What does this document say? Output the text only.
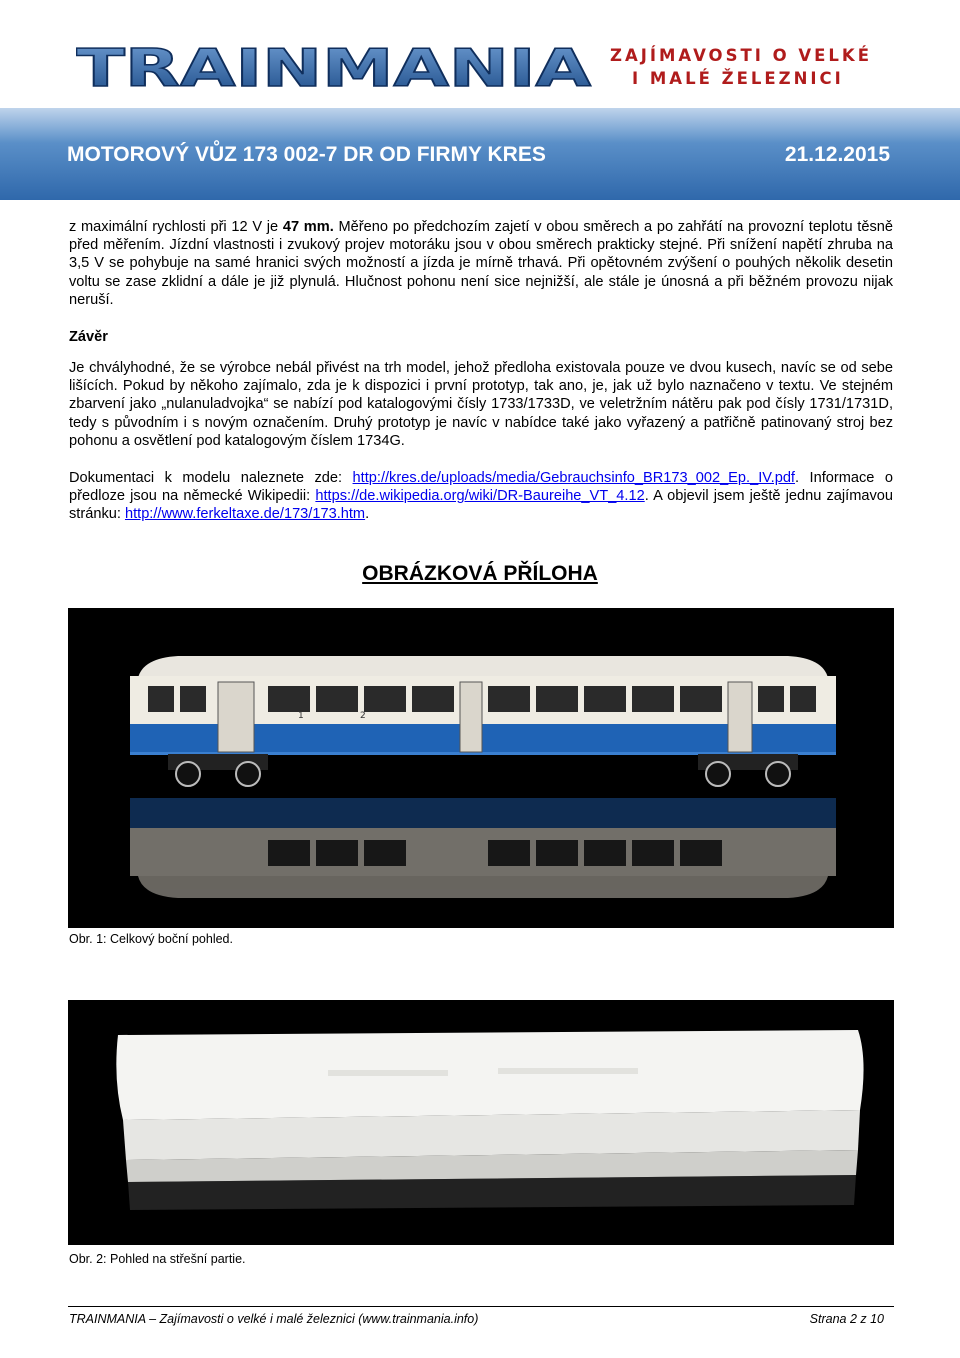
TRAINMANIA ZAJÍMAVOSTI O VELKÉ
I MALÉ ŽELEZNICI
MOTOROVÝ VŮZ 173 002-7 DR OD FIRMY KRES	21.12.2015
z maximální rychlosti při 12 V je 47 mm. Měřeno po předchozím zajetí v obou směrech a po zahřátí na provozní teplotu těsně před měřením. Jízdní vlastnosti i zvukový projev motoráku jsou v obou směrech prakticky stejné. Při snížení napětí zhruba na 3,5 V se pohybuje na samé hranici svých možností a jízda je mírně trhavá. Při opětovném zvýšení o pouhých několik desetin voltu se zase zklidní a dále je již plynulá. Hlučnost pohonu není sice nejnižší, ale stále je únosná a při běžném provozu nijak neruší.
Závěr
Je chvályhodné, že se výrobce nebál přivést na trh model, jehož předloha existovala pouze ve dvou kusech, navíc se od sebe lišících. Pokud by někoho zajímalo, zda je k dispozici i první prototyp, tak ano, je, jak už bylo naznačeno v textu. Ve stejném zbarvení jako „nulanuladvojka“ se nabízí pod katalogovými čísly 1733/1733D, ve veletržním nátěru pak pod čísly 1731/1731D, tedy s původním i s novým označením. Druhý prototyp je navíc v nabídce také jako vyřazený a patřičně patinovaný stroj bez pohonu a osvětlení pod katalogovým číslem 1734G.
Dokumentaci k modelu naleznete zde: http://kres.de/uploads/media/Gebrauchsinfo_BR173_002_Ep._IV.pdf. Informace o předloze jsou na německé Wikipedii: https://de.wikipedia.org/wiki/DR-Baureihe_VT_4.12. A objevil jsem ještě jednu zajímavou stránku: http://www.ferkeltaxe.de/173/173.htm.
OBRÁZKOVÁ PŘÍLOHA
1	2
Obr. 1: Celkový boční pohled.
Obr. 2: Pohled na střešní partie.
TRAINMANIA – Zajímavosti o velké i malé železnici (www.trainmania.info)	Strana 2 z 10
